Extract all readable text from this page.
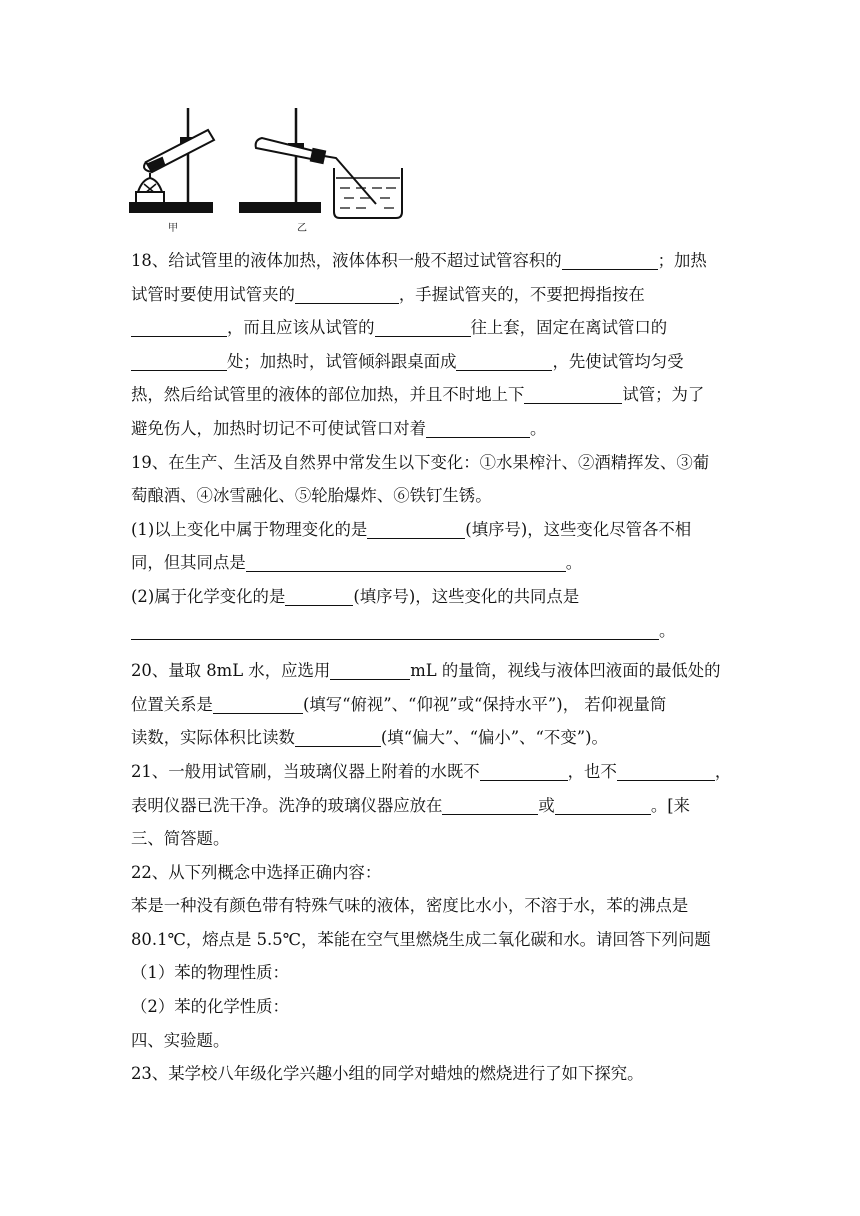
甲	乙
18、给试管里的液体加热，液体体积一般不超过试管容积的	；加热
试管时要使用试管夹的	，手握试管夹的，不要把拇指按在
，而且应该从试管的	往上套，固定在离试管口的
处；加热时，试管倾斜跟桌面成	，先使试管均匀受
热，然后给试管里的液体的部位加热，并且不时地上下	试管；为了
避免伤人，加热时切记不可使试管口对着	。
19、在生产、生活及自然界中常发生以下变化：①水果榨汁、②酒精挥发、③葡
萄酿酒、④冰雪融化、⑤轮胎爆炸、⑥铁钉生锈。
(1)以上变化中属于物理变化的是	(填序号)，这些变化尽管各不相
同，但其同点是	。
(2)属于化学变化的是	(填序号)，这些变化的共同点是
。
20、量取 8mL 水，应选用	mL 的量筒，视线与液体凹液面的最低处的
位置关系是	(填写“俯视”、“仰视”或“保持水平”)， 若仰视量筒
读数，实际体积比读数	(填“偏大”、“偏小”、“不变”)。
21、一般用试管刷，当玻璃仪器上附着的水既不	，也不	，
表明仪器已洗干净。洗净的玻璃仪器应放在	或	。[来
三、简答题。
22、从下列概念中选择正确内容：
苯是一种没有颜色带有特殊气味的液体，密度比水小，不溶于水，苯的沸点是
80.1℃，熔点是 5.5℃，苯能在空气里燃烧生成二氧化碳和水。请回答下列问题
（1）苯的物理性质：
（2）苯的化学性质：
四、实验题。
23、某学校八年级化学兴趣小组的同学对蜡烛的燃烧进行了如下探究。
